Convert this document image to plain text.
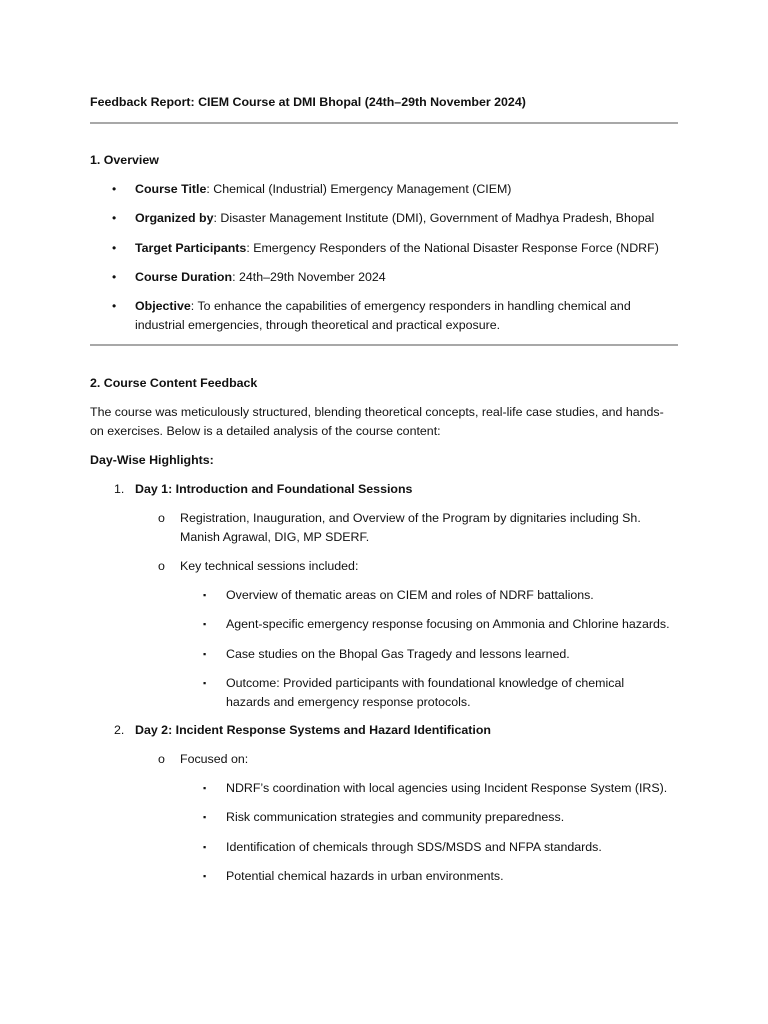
Feedback Report: CIEM Course at DMI Bhopal (24th–29th November 2024)
1. Overview
• Course Title: Chemical (Industrial) Emergency Management (CIEM)
• Organized by: Disaster Management Institute (DMI), Government of Madhya Pradesh, Bhopal
• Target Participants: Emergency Responders of the National Disaster Response Force (NDRF)
• Course Duration: 24th–29th November 2024
• Objective: To enhance the capabilities of emergency responders in handling chemical and
industrial emergencies, through theoretical and practical exposure.
2. Course Content Feedback
The course was meticulously structured, blending theoretical concepts, real-life case studies, and hands-
on exercises. Below is a detailed analysis of the course content:
Day-Wise Highlights:
1. Day 1: Introduction and Foundational Sessions
o Registration, Inauguration, and Overview of the Program by dignitaries including Sh.
Manish Agrawal, DIG, MP SDERF.
o Key technical sessions included:
▪ Overview of thematic areas on CIEM and roles of NDRF battalions.
▪ Agent-specific emergency response focusing on Ammonia and Chlorine hazards.
▪ Case studies on the Bhopal Gas Tragedy and lessons learned.
▪ Outcome: Provided participants with foundational knowledge of chemical
hazards and emergency response protocols.
2. Day 2: Incident Response Systems and Hazard Identification
o Focused on:
▪ NDRF’s coordination with local agencies using Incident Response System (IRS).
▪ Risk communication strategies and community preparedness.
▪ Identification of chemicals through SDS/MSDS and NFPA standards.
▪ Potential chemical hazards in urban environments.
